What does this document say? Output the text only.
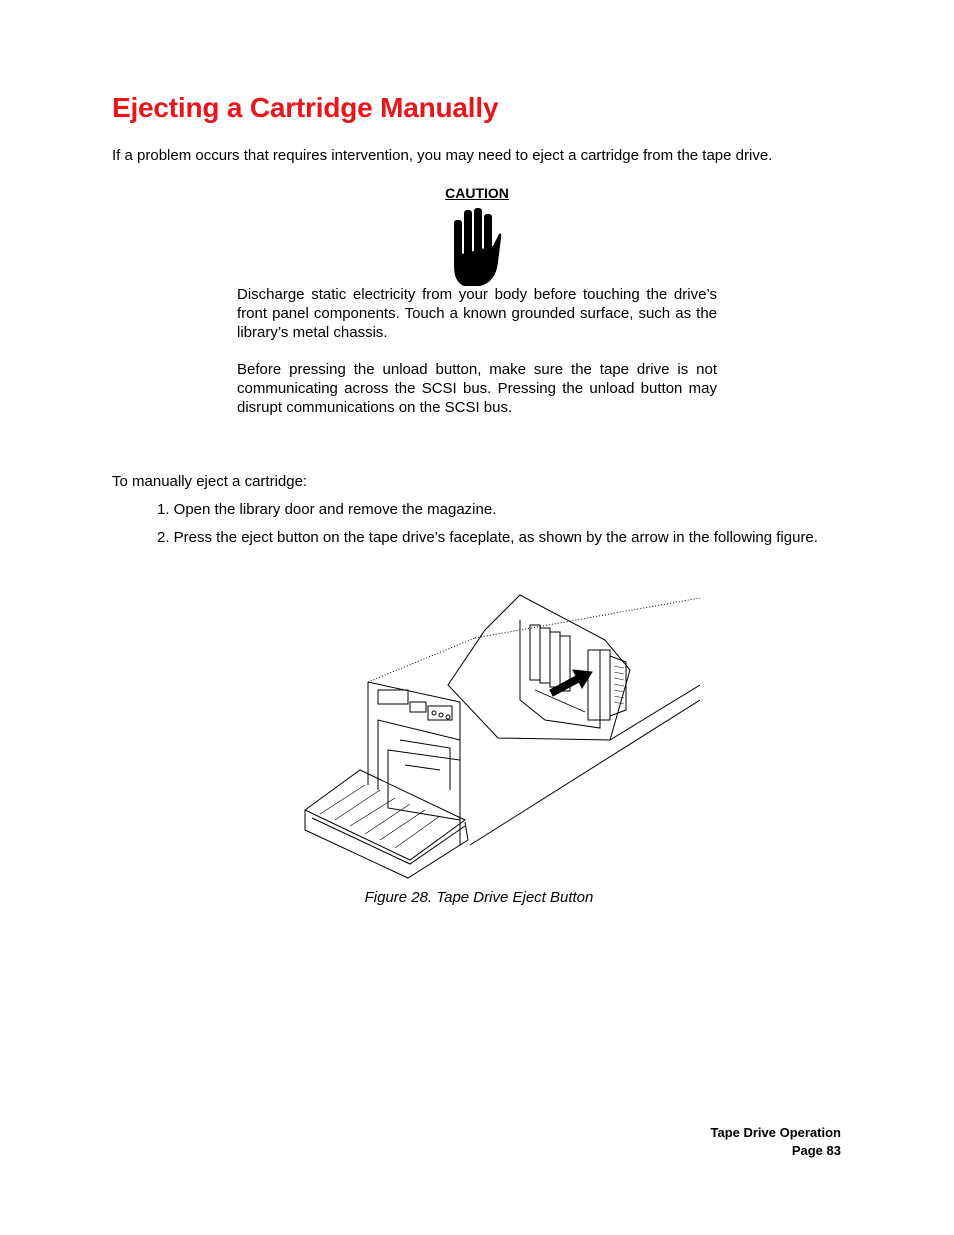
Ejecting a Cartridge Manually
If a problem occurs that requires intervention, you may need to eject a cartridge from the tape drive.
CAUTION

Discharge static electricity from your body before touching the drive’s front panel components. Touch a known grounded surface, such as the library’s metal chassis.

Before pressing the unload button, make sure the tape drive is not communicating across the SCSI bus. Pressing the unload button may disrupt communications on the SCSI bus.

To manually eject a cartridge:
1. Open the library door and remove the magazine.
2. Press the eject button on the tape drive’s faceplate, as shown by the arrow in the following figure.
Figure 28. Tape Drive Eject Button
Tape Drive Operation
Page 83
